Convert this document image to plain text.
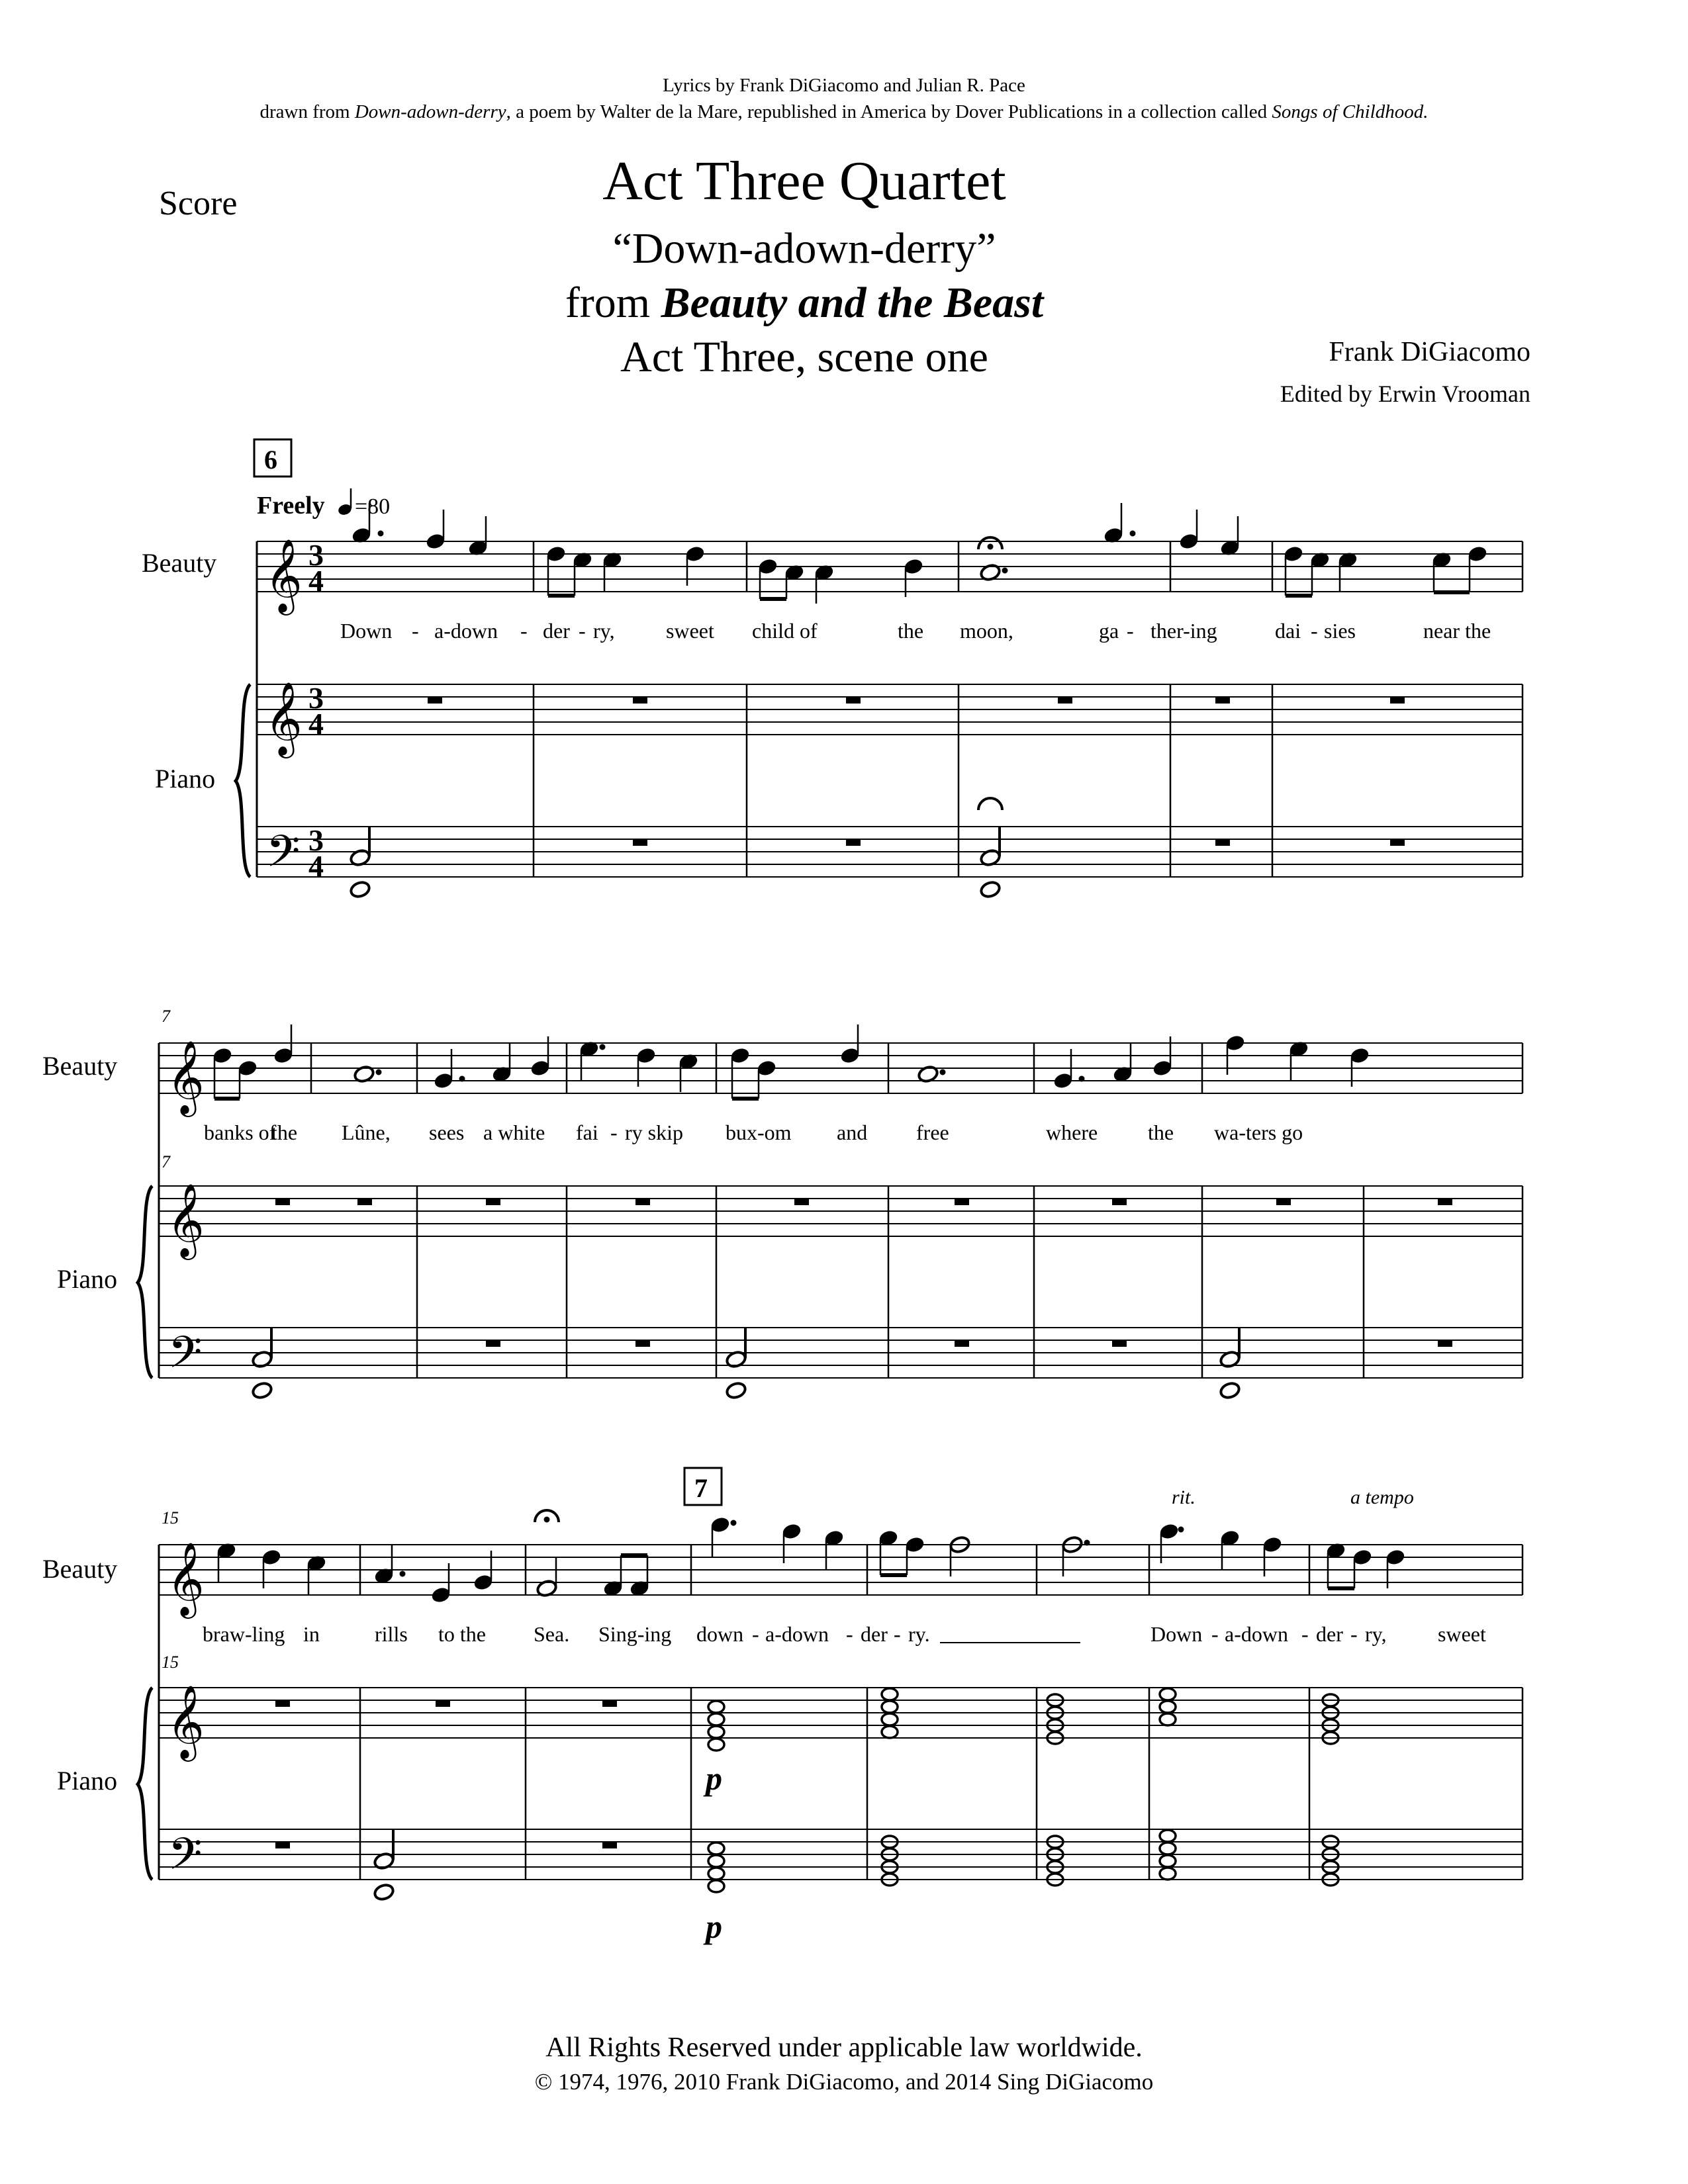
Lyrics by Frank DiGiacomo and Julian R. Pace
drawn from Down-adown-derry, a poem by Walter de la Mare, republished in America by Dover Publications in a collection called Songs of Childhood.
Score	Act Three Quartet
“Down-adown-derry”
from Beauty and the Beast
Act Three, scene one	Frank DiGiacomo
Edited by Erwin Vrooman
𝄞
𝄞
𝄢
𝄞
𝄞
𝄢
𝄞
𝄞
𝄢
3
4
3
4
3
4
Beauty
Piano
Beauty
Piano
Beauty
Piano
6
7
Freely =80
7
7
15
15
rit.	a tempo
p
p
Down - a-down - der - ry, sweet child of	the moon,	ga - ther-ing	dai - sies	near the
banks of
the Lûne, sees a white fai - ry skip bux-om and free	where the wa-ters go
braw-ling in	rills to the Sea. Sing-ing down - a-down - der - ry.	Down - a-down - der - ry, sweet
All Rights Reserved under applicable law worldwide.
© 1974, 1976, 2010 Frank DiGiacomo, and 2014 Sing DiGiacomo
